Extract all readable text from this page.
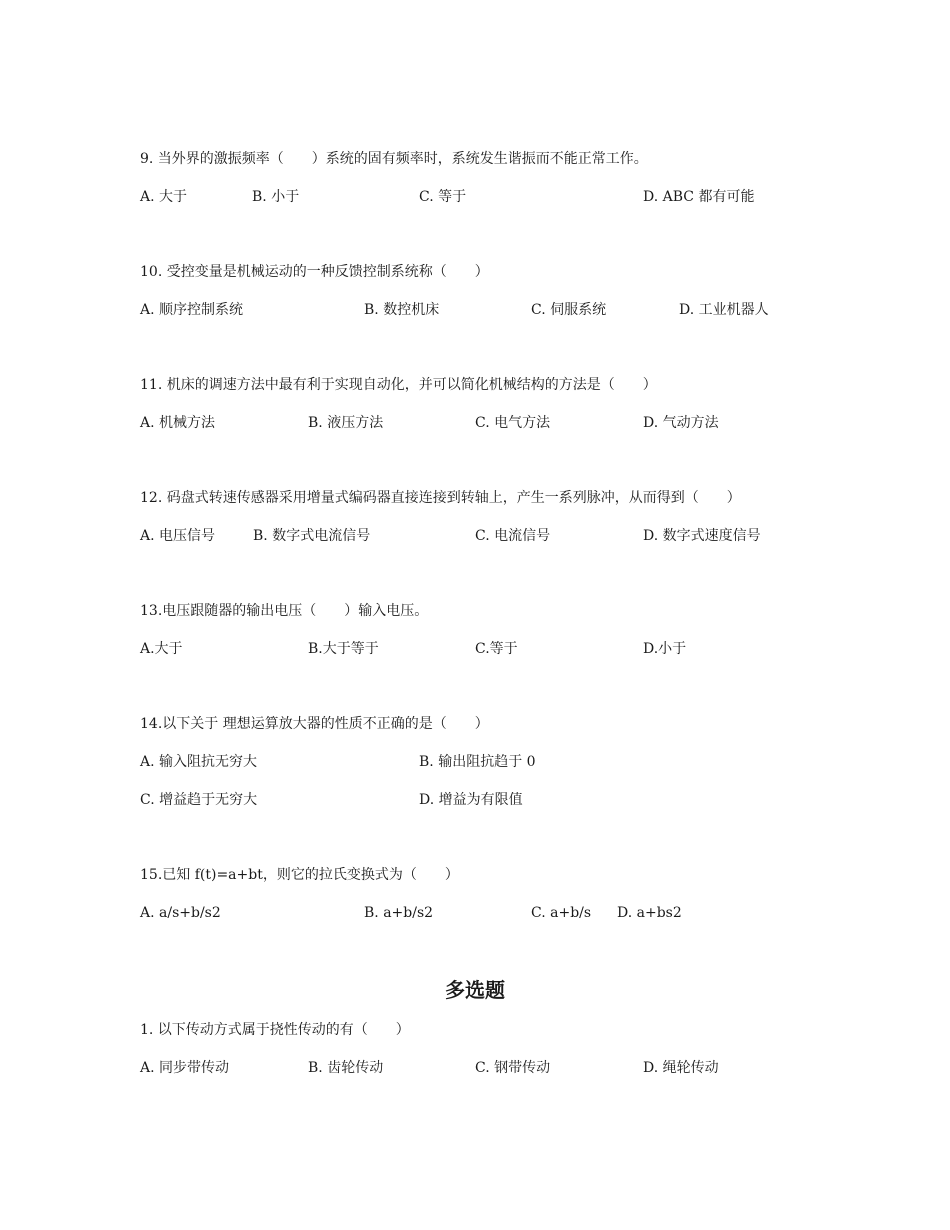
9. 当外界的激振频率（　　）系统的固有频率时，系统发生谐振而不能正常工作。
A. 大于	B. 小于	C. 等于	D. ABC 都有可能
10. 受控变量是机械运动的一种反馈控制系统称（　　）
A. 顺序控制系统	B. 数控机床	C. 伺服系统	D. 工业机器人
11. 机床的调速方法中最有利于实现自动化，并可以简化机械结构的方法是（　　）
A. 机械方法	B. 液压方法	C. 电气方法	D. 气动方法
12. 码盘式转速传感器采用增量式编码器直接连接到转轴上，产生一系列脉冲，从而得到（　　）
A. 电压信号	B. 数字式电流信号	C. 电流信号	D. 数字式速度信号
13.电压跟随器的输出电压（　　）输入电压。
A.大于	B.大于等于	C.等于	D.小于
14.以下关于 理想运算放大器的性质不正确的是（　　）
A. 输入阻抗无穷大	B. 输出阻抗趋于 0
C. 增益趋于无穷大	D. 增益为有限值
15.已知 f(t)=a+bt，则它的拉氏变换式为（　　）
A. a/s+b/s2	B. a+b/s2	C. a+b/s D. a+bs2
多选题
1. 以下传动方式属于挠性传动的有（　　）
A. 同步带传动	B. 齿轮传动	C. 钢带传动	D. 绳轮传动
